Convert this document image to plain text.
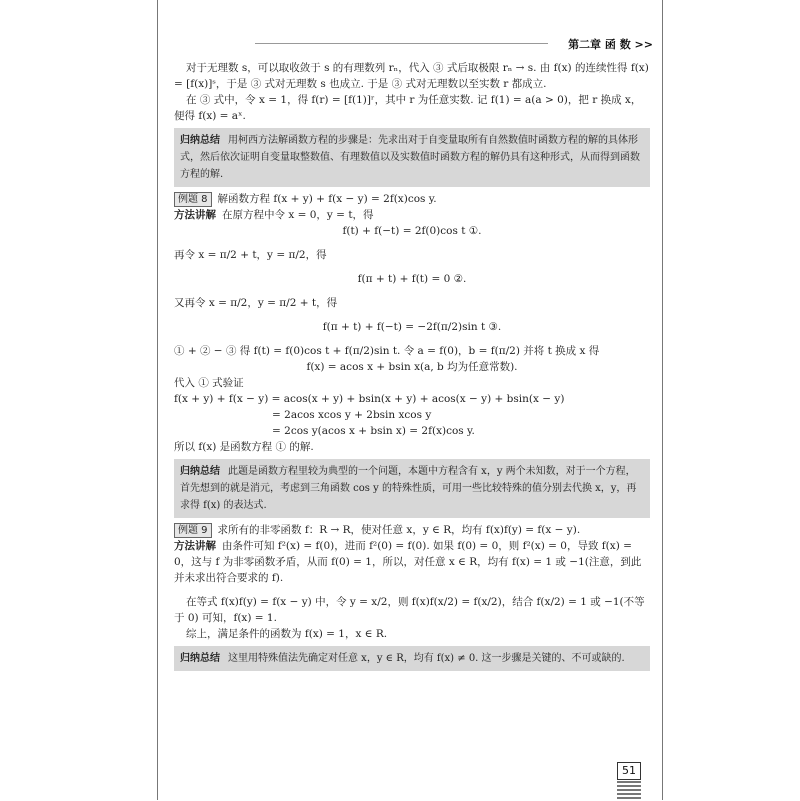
第二章 函 数 >>

对于无理数 s，可以取收敛于 s 的有理数列 rₙ，代入 ③ 式后取极限 rₙ → s. 由 f(x) 的连续性得 f(x) = [f(x)]ˢ，于是 ③ 式对无理数 s 也成立. 于是 ③ 式对无理数以至实数 r 都成立.

在 ③ 式中，令 x = 1，得 f(r) = [f(1)]ʳ，其中 r 为任意实数. 记 f(1) = a(a > 0)，把 r 换成 x，便得 f(x) = aˣ.

归纳总结 用柯西方法解函数方程的步骤是：先求出对于自变量取所有自然数值时函数方程的解的具体形式，然后依次证明自变量取整数值、有理数值以及实数值时函数方程的解仍具有这种形式，从而得到函数方程的解.

例题 8 解函数方程 f(x + y) + f(x − y) = 2f(x)cos y.

方法讲解 在原方程中令 x = 0，y = t，得

f(t) + f(−t) = 2f(0)cos t ①.

再令 x = π/2 + t，y = π/2，得

f(π + t) + f(t) = 0 ②.

又再令 x = π/2，y = π/2 + t，得

f(π + t) + f(−t) = −2f(π/2)sin t ③.

① + ② − ③ 得 f(t) = f(0)cos t + f(π/2)sin t. 令 a = f(0)，b = f(π/2) 并将 t 换成 x 得

f(x) = acos x + bsin x(a, b 均为任意常数).

代入 ① 式验证

f(x + y) + f(x − y) = acos(x + y) + bsin(x + y) + acos(x − y) + bsin(x − y)

= 2acos xcos y + 2bsin xcos y

= 2cos y(acos x + bsin x) = 2f(x)cos y.

所以 f(x) 是函数方程 ① 的解.

归纳总结 此题是函数方程里较为典型的一个问题，本题中方程含有 x，y 两个未知数，对于一个方程，首先想到的就是消元，考虑到三角函数 cos y 的特殊性质，可用一些比较特殊的值分别去代换 x，y，再求得 f(x) 的表达式.

例题 9 求所有的非零函数 f：R → R，使对任意 x，y ∈ R，均有 f(x)f(y) = f(x − y).

方法讲解 由条件可知 f²(x) = f(0)，进而 f²(0) = f(0). 如果 f(0) = 0，则 f²(x) = 0，导致 f(x) = 0，这与 f 为非零函数矛盾，从而 f(0) = 1，所以，对任意 x ∈ R，均有 f(x) = 1 或 −1(注意，到此并未求出符合要求的 f).

在等式 f(x)f(y) = f(x − y) 中，令 y = x/2，则 f(x)f(x/2) = f(x/2)，结合 f(x/2) = 1 或 −1(不等于 0) 可知，f(x) = 1.

综上，满足条件的函数为 f(x) = 1，x ∈ R.

归纳总结 这里用特殊值法先确定对任意 x，y ∈ R，均有 f(x) ≠ 0. 这一步骤是关键的、不可或缺的.
51
